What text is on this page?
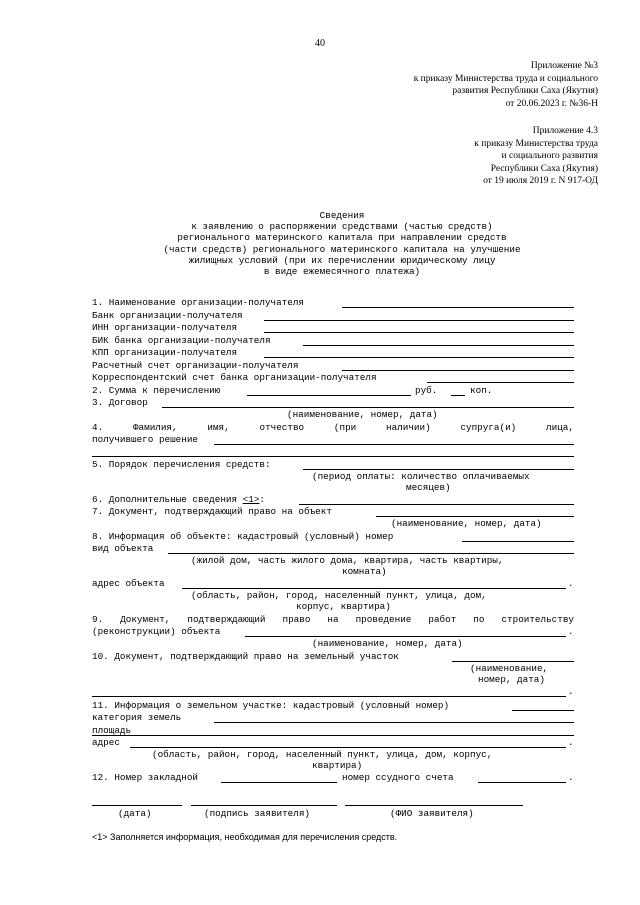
40
Приложение №3
к приказу Министерства труда и социального
развития Республики Саха (Якутия)
от 20.06.2023 г. №36-Н
Приложение 4.3
к приказу Министерства труда
и социального развития
Республики Саха (Якутия)
от 19 июля 2019 г. N 917-ОД
Сведения
к заявлению о распоряжении средствами (частью средств)
регионального материнского капитала при направлении средств
(части средств) регионального материнского капитала на улучшение
жилищных условий (при их перечислении юридическому лицу
в виде ежемесячного платежа)
1. Наименование организации-получателя
Банк организации-получателя
ИНН организации-получателя
БИК банка организации-получателя
КПП организации-получателя
Расчетный счет организации-получателя
Корреспондентский счет банка организации-получателя
2. Сумма к перечислению	руб.	коп.
3. Договор
(наименование, номер, дата)
4.	Фамилия,	имя,	отчество	(при	наличии)	супруга(и)	лица,
получившего решение
5. Порядок перечисления средств:
(период оплаты: количество оплачиваемых
месяцев)
6. Дополнительные сведения <1>:
7. Документ, подтверждающий право на объект
(наименование, номер, дата)
8. Информация об объекте: кадастровый (условный) номер
вид объекта
(жилой дом, часть жилого дома, квартира, часть квартиры,
комната)
адрес объекта	.
(область, район, город, населенный пункт, улица, дом,
корпус, квартира)
9. Документ, подтверждающий право на проведение работ по строительству
(реконструкции) объекта	.
(наименование, номер, дата)
10. Документ, подтверждающий право на земельный участок
(наименование,
номер, дата)
.
11. Информация о земельном участке: кадастровый (условный номер)
категория земель
площадь
адрес	.
(область, район, город, населенный пункт, улица, дом, корпус,
квартира)
12. Номер закладной	номер ссудного счета	.
(дата)	(подпись заявителя)	(ФИО заявителя)
<1> Заполняется информация, необходимая для перечисления средств.
